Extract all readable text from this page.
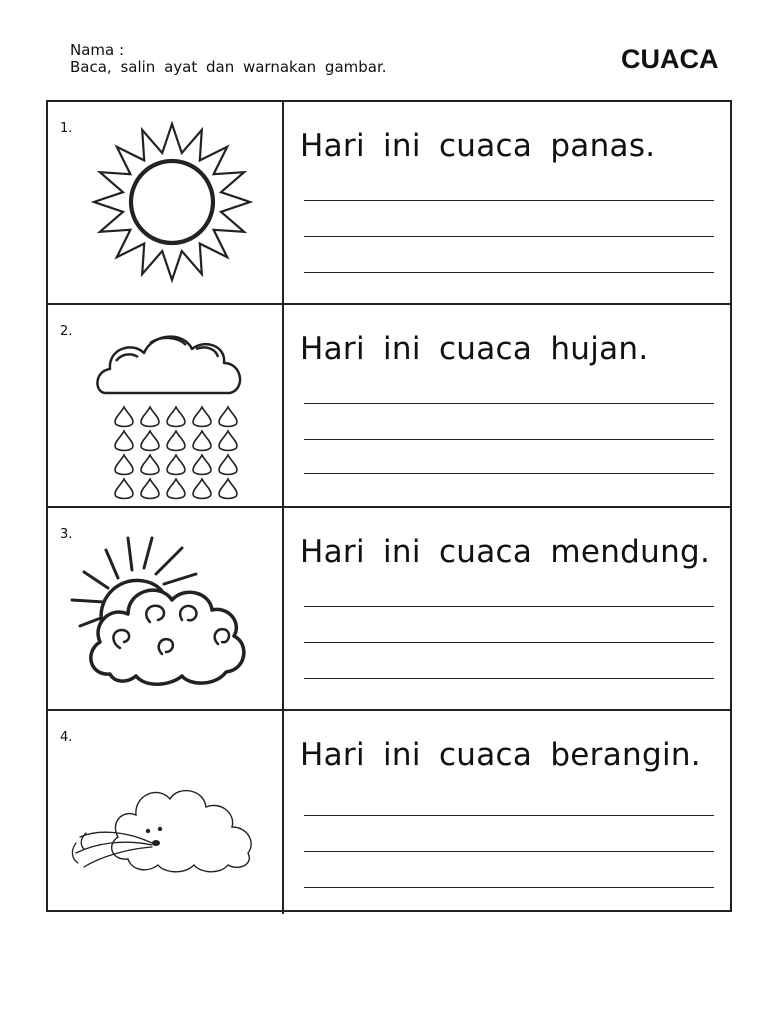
Nama :
Baca, salin ayat dan warnakan gambar.	CUACA
1.	Hari ini cuaca panas.
2.	Hari ini cuaca hujan.
3.	Hari ini cuaca mendung.
4.	Hari ini cuaca berangin.
